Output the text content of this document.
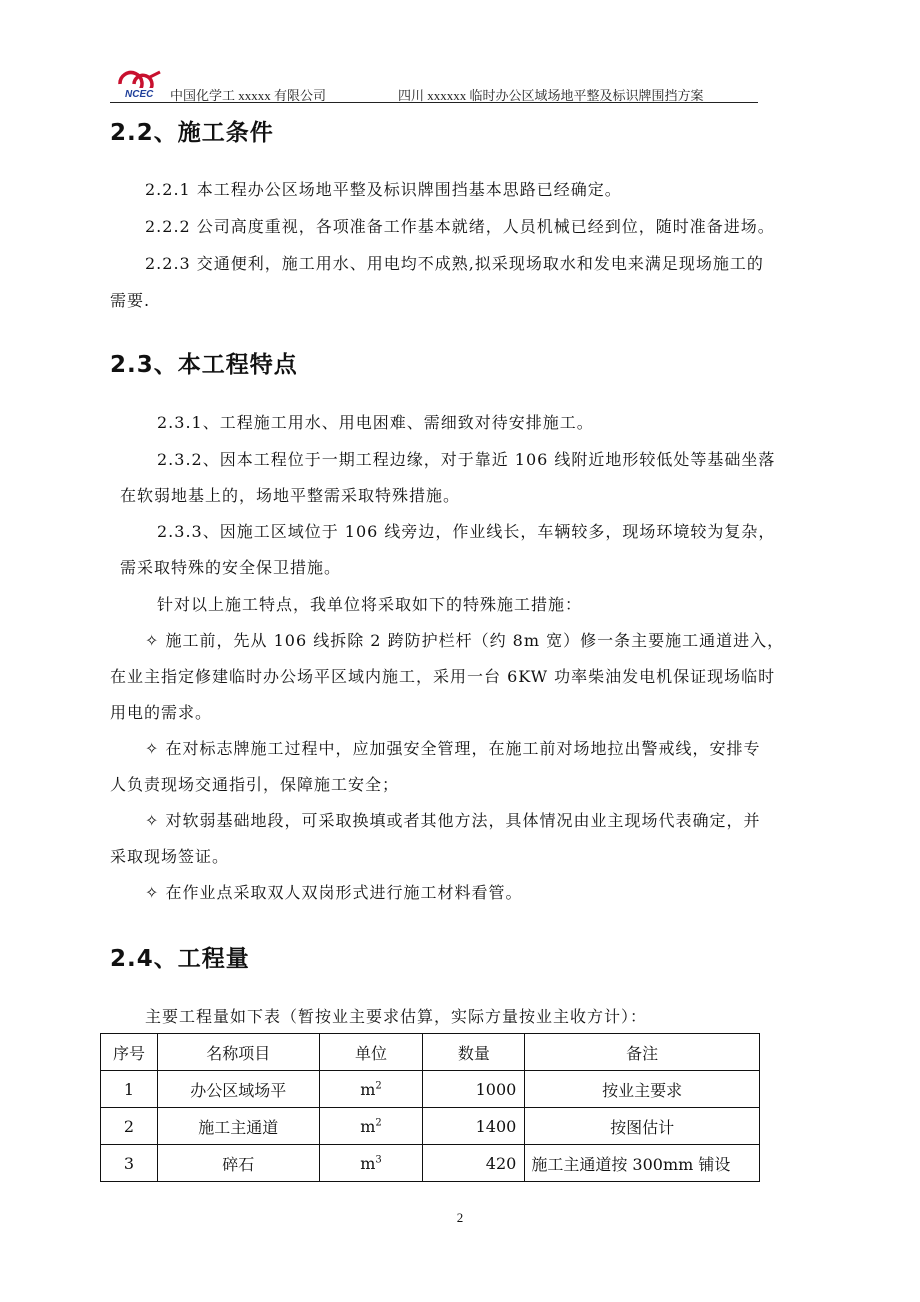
NCEC 中国化学工 xxxxx 有限公司	四川 xxxxxx 临时办公区域场地平整及标识牌围挡方案
2.2、施工条件
2.2.1 本工程办公区场地平整及标识牌围挡基本思路已经确定。
2.2.2 公司高度重视，各项准备工作基本就绪，人员机械已经到位，随时准备进场。
2.2.3 交通便利，施工用水、用电均不成熟,拟采现场取水和发电来满足现场施工的
需要.
2.3、本工程特点
2.3.1、工程施工用水、用电困难、需细致对待安排施工。
2.3.2、因本工程位于一期工程边缘，对于靠近 106 线附近地形较低处等基础坐落
在软弱地基上的，场地平整需采取特殊措施。
2.3.3、因施工区域位于 106 线旁边，作业线长，车辆较多，现场环境较为复杂，
需采取特殊的安全保卫措施。
针对以上施工特点，我单位将采取如下的特殊施工措施：
✧ 施工前，先从 106 线拆除 2 跨防护栏杆（约 8m 宽）修一条主要施工通道进入，
在业主指定修建临时办公场平区域内施工，采用一台 6KW 功率柴油发电机保证现场临时
用电的需求。
✧ 在对标志牌施工过程中，应加强安全管理，在施工前对场地拉出警戒线，安排专
人负责现场交通指引，保障施工安全；
✧ 对软弱基础地段，可采取换填或者其他方法，具体情况由业主现场代表确定，并
采取现场签证。
✧ 在作业点采取双人双岗形式进行施工材料看管。
2.4、工程量
主要工程量如下表（暂按业主要求估算，实际方量按业主收方计）：
序号	名称项目	单位	数量	备注
1	办公区域场平	$m^2$	1000	按业主要求
2	施工主通道	$m^2$	1400	按图估计
3	碎石	$m^3$	420	施工主通道按 300mm 铺设
2
